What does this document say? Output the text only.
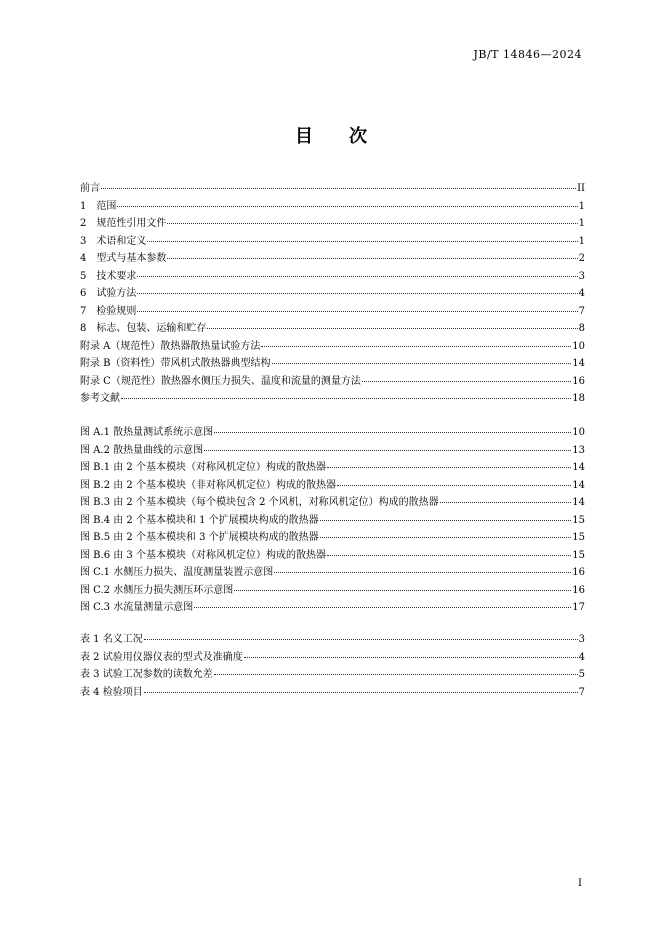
JB/T 14846—2024
目　　次
前言	II
1　范围	1
2　规范性引用文件	1
3　术语和定义	1
4　型式与基本参数	2
5　技术要求	3
6　试验方法	4
7　检验规则	7
8　标志、包装、运输和贮存	8
附录 A（规范性）散热器散热量试验方法	10
附录 B（资料性）带风机式散热器典型结构	14
附录 C（规范性）散热器水侧压力损失、温度和流量的测量方法	16
参考文献	18
图 A.1 散热量测试系统示意图	10
图 A.2 散热量曲线的示意图	13
图 B.1 由 2 个基本模块（对称风机定位）构成的散热器	14
图 B.2 由 2 个基本模块（非对称风机定位）构成的散热器	14
图 B.3 由 2 个基本模块（每个模块包含 2 个风机，对称风机定位）构成的散热器	14
图 B.4 由 2 个基本模块和 1 个扩展模块构成的散热器	15
图 B.5 由 2 个基本模块和 3 个扩展模块构成的散热器	15
图 B.6 由 3 个基本模块（对称风机定位）构成的散热器	15
图 C.1 水侧压力损失、温度测量装置示意图	16
图 C.2 水侧压力损失测压环示意图	16
图 C.3 水流量测量示意图	17
表 1 名义工况	3
表 2 试验用仪器仪表的型式及准确度	4
表 3 试验工况参数的读数允差	5
表 4 检验项目	7
I
